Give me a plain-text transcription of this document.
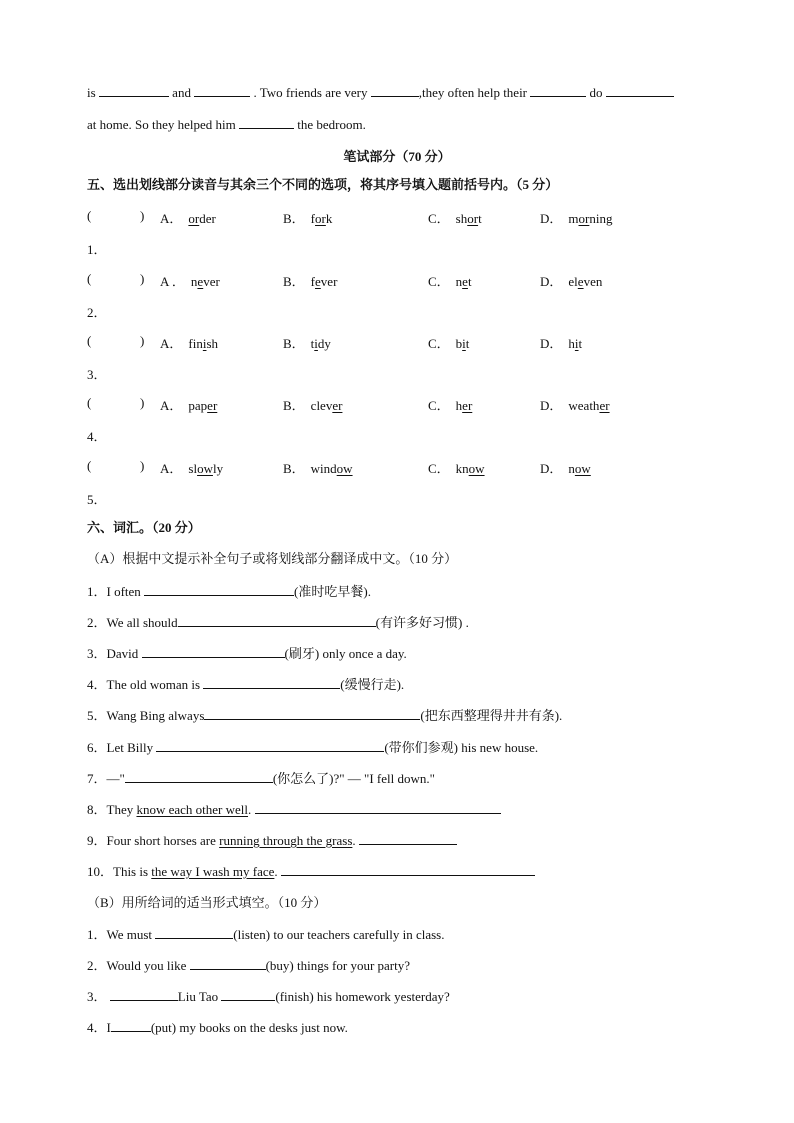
is	and	. Two friends are very	,they often help their	do
at home. So they helped him	the bedroom.
笔试部分（70 分）
五、选出划线部分读音与其余三个不同的选项，将其序号填入题前括号内。（5 分）
(	) A． order	B． fork	C． short	D． morning
1．
(	) A ． never	B． fever	C． net	D． eleven
2．
(	) A． finish	B． tidy	C． bit	D． hit
3．
(	) A． paper	B． clever	C． her	D． weather
4．
(	) A． slowly	B． window	C． know	D． now
5．
六、词汇。（20 分）
（A）根据中文提示补全句子或将划线部分翻译成中文。（10 分）
1．I often	(准时吃早餐).
2．We all should	(有许多好习惯) .
3．David	(刷牙) only once a day.
4．The old woman is	(缓慢行走).
5．Wang Bing always	(把东西整理得井井有条).
6．Let Billy	(带你们参观) his new house.
7．—"	(你怎么了)?" — "I fell down."
8．They know each other well.
9．Four short horses are running through the grass.
10．This is the way I wash my face.
（B）用所给词的适当形式填空。（10 分）
1．We must	(listen) to our teachers carefully in class.
2．Would you like	(buy) things for your party?
3．	Liu Tao	(finish) his homework yesterday?
4．I	(put) my books on the desks just now.
